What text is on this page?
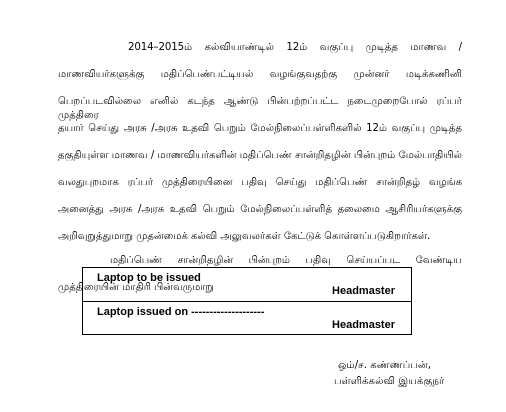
2014–2015ம் கல்வியாண்டில் 12ம் வகுப்பு முடித்த மாணவ /
மாணவியர்களுக்கு மதிப்பெண்பட்டியல் வழங்குவதற்கு முன்னர் மடிக்கணினி
பெறப்படவில்லை எனில் கடந்த ஆண்டு பின்பற்றப்பட்ட நடைமுறைபோல் ரப்பர் முத்திரை
தயார் செய்து அரசு /அரசு உதவி பெறும் மேல்நிலைப்பள்ளிகளில் 12ம் வகுப்பு முடித்த
தகுதியுள்ள மாணவ / மாணவியர்களின் மதிப்பெண் சான்றிதழின் பின்புறம் மேல்பாதியில்
வலதுபுறமாக ரப்பர் முத்திரையினை பதிவு செய்து மதிப்பெண் சான்றிதழ் வழங்க
அனைத்து அரசு /அரசு உதவி பெறும் மேல்நிலைப்பள்ளித் தலைமை ஆசிரியர்களுக்கு
அறிவுறுத்துமாறு முதன்மைக் கல்வி அலுவலர்கள் கேட்டுக் கொள்ளப்படுகிறார்கள்.
மதிப்பெண் சான்றிதழின் பின்புறம் பதிவு செய்யப்பட வேண்டிய
முத்திரையின் மாதிரி பின்வருமாறு
Laptop to be issued
Headmaster
Laptop issued on --------------------
Headmaster
ஒம்/ச. கண்ணப்பன்,
பள்ளிக்கல்வி இயக்குநர்
